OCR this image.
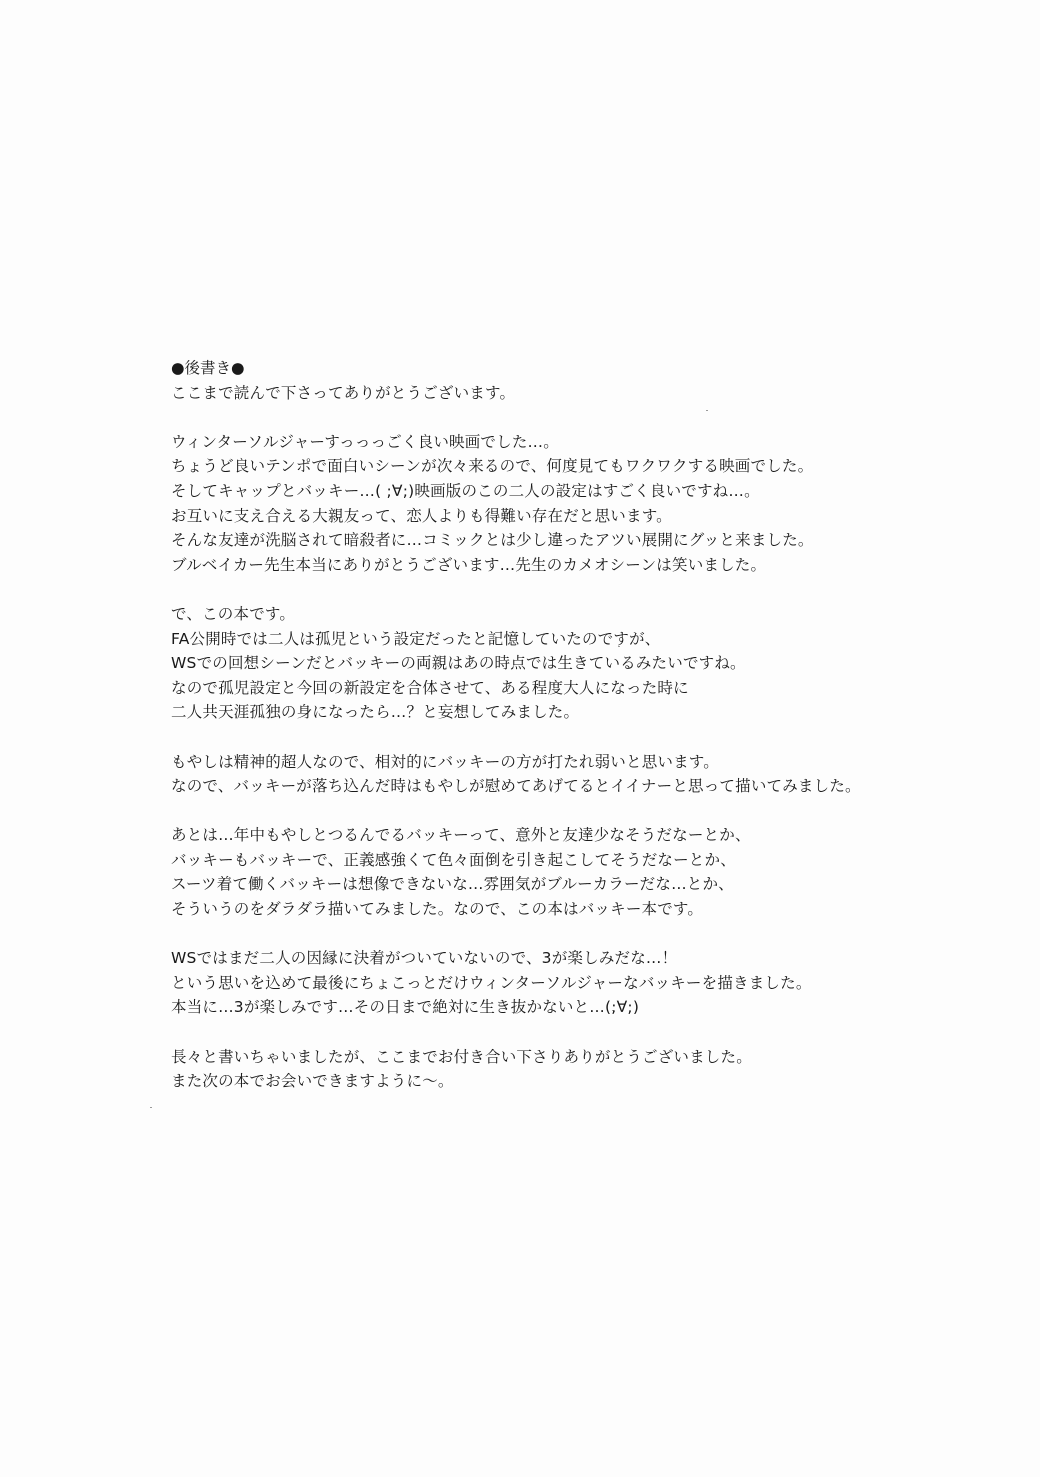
●後書き●
ここまで読んで下さってありがとうございます。
ウィンターソルジャーすっっっごく良い映画でした…。
ちょうど良いテンポで面白いシーンが次々来るので、何度見てもワクワクする映画でした。
そしてキャップとバッキー…( ;∀;)映画版のこの二人の設定はすごく良いですね…。
お互いに支え合える大親友って、恋人よりも得難い存在だと思います。
そんな友達が洗脳されて暗殺者に…コミックとは少し違ったアツい展開にグッと来ました。
ブルベイカー先生本当にありがとうございます…先生のカメオシーンは笑いました。
で、この本です。
FA公開時では二人は孤児という設定だったと記憶していたのですが、
WSでの回想シーンだとバッキーの両親はあの時点では生きているみたいですね。
なので孤児設定と今回の新設定を合体させて、ある程度大人になった時に
二人共天涯孤独の身になったら…？と妄想してみました。
もやしは精神的超人なので、相対的にバッキーの方が打たれ弱いと思います。
なので、バッキーが落ち込んだ時はもやしが慰めてあげてるとイイナーと思って描いてみました。
あとは…年中もやしとつるんでるバッキーって、意外と友達少なそうだなーとか、
バッキーもバッキーで、正義感強くて色々面倒を引き起こしてそうだなーとか、
スーツ着て働くバッキーは想像できないな…雰囲気がブルーカラーだな…とか、
そういうのをダラダラ描いてみました。なので、この本はバッキー本です。
WSではまだ二人の因縁に決着がついていないので、3が楽しみだな…！
という思いを込めて最後にちょこっとだけウィンターソルジャーなバッキーを描きました。
本当に…3が楽しみです…その日まで絶対に生き抜かないと…(;∀;)
長々と書いちゃいましたが、ここまでお付き合い下さりありがとうございました。
また次の本でお会いできますように～。
